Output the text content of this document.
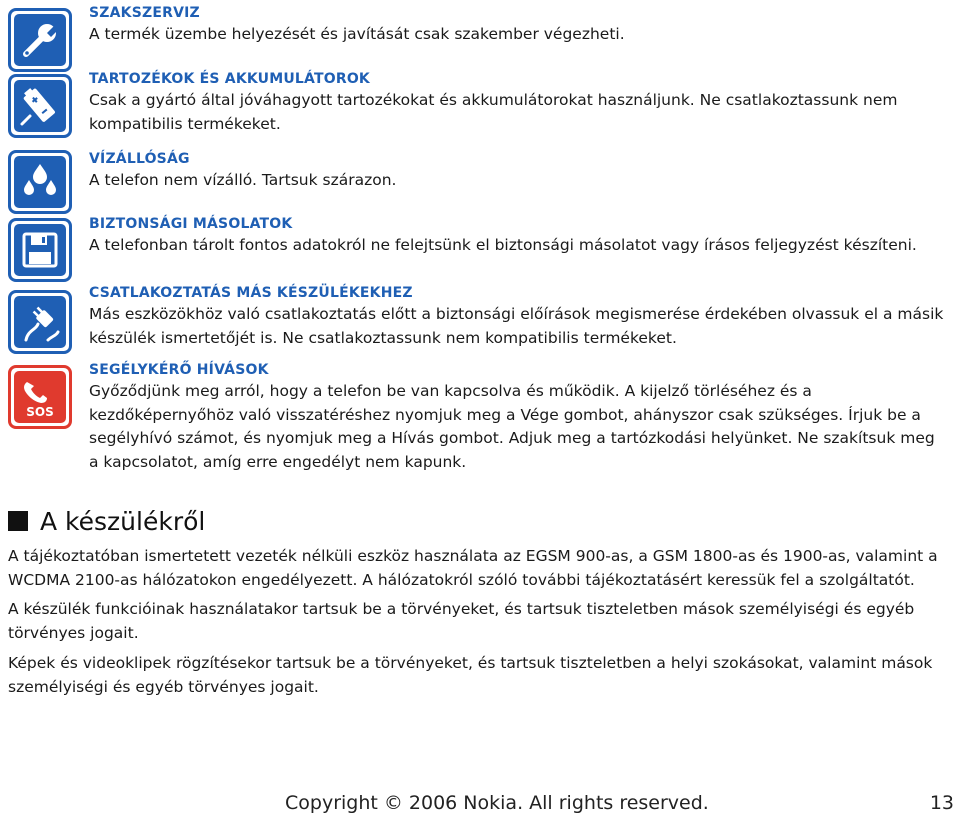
SOS
SZAKSZERVIZ
A termék üzembe helyezését és javítását csak szakember végezheti.
TARTOZÉKOK ÉS AKKUMULÁTOROK
Csak a gyártó által jóváhagyott tartozékokat és akkumulátorokat használjunk. Ne csatlakoztassunk nem kompatibilis termékeket.
VÍZÁLLÓSÁG
A telefon nem vízálló. Tartsuk szárazon.
BIZTONSÁGI MÁSOLATOK
A telefonban tárolt fontos adatokról ne felejtsünk el biztonsági másolatot vagy írásos feljegyzést készíteni.
CSATLAKOZTATÁS MÁS KÉSZÜLÉKEKHEZ
Más eszközökhöz való csatlakoztatás előtt a biztonsági előírások megismerése érdekében olvassuk el a másik készülék ismertetőjét is. Ne csatlakoztassunk nem kompatibilis termékeket.
SEGÉLYKÉRŐ HÍVÁSOK
Győződjünk meg arról, hogy a telefon be van kapcsolva és működik. A kijelző törléséhez és a kezdőképernyőhöz való visszatéréshez nyomjuk meg a Vége gombot, ahányszor csak szükséges. Írjuk be a segélyhívó számot, és nyomjuk meg a Hívás gombot. Adjuk meg a tartózkodási helyünket. Ne szakítsuk meg a kapcsolatot, amíg erre engedélyt nem kapunk.
A készülékről
A tájékoztatóban ismertetett vezeték nélküli eszköz használata az EGSM 900-as, a GSM 1800-as és 1900-as, valamint a WCDMA 2100-as hálózatokon engedélyezett. A hálózatokról szóló további tájékoztatásért keressük fel a szolgáltatót.
A készülék funkcióinak használatakor tartsuk be a törvényeket, és tartsuk tiszteletben mások személyiségi és egyéb törvényes jogait.
Képek és videoklipek rögzítésekor tartsuk be a törvényeket, és tartsuk tiszteletben a helyi szokásokat, valamint mások személyiségi és egyéb törvényes jogait.
Copyright © 2006 Nokia. All rights reserved.	13
